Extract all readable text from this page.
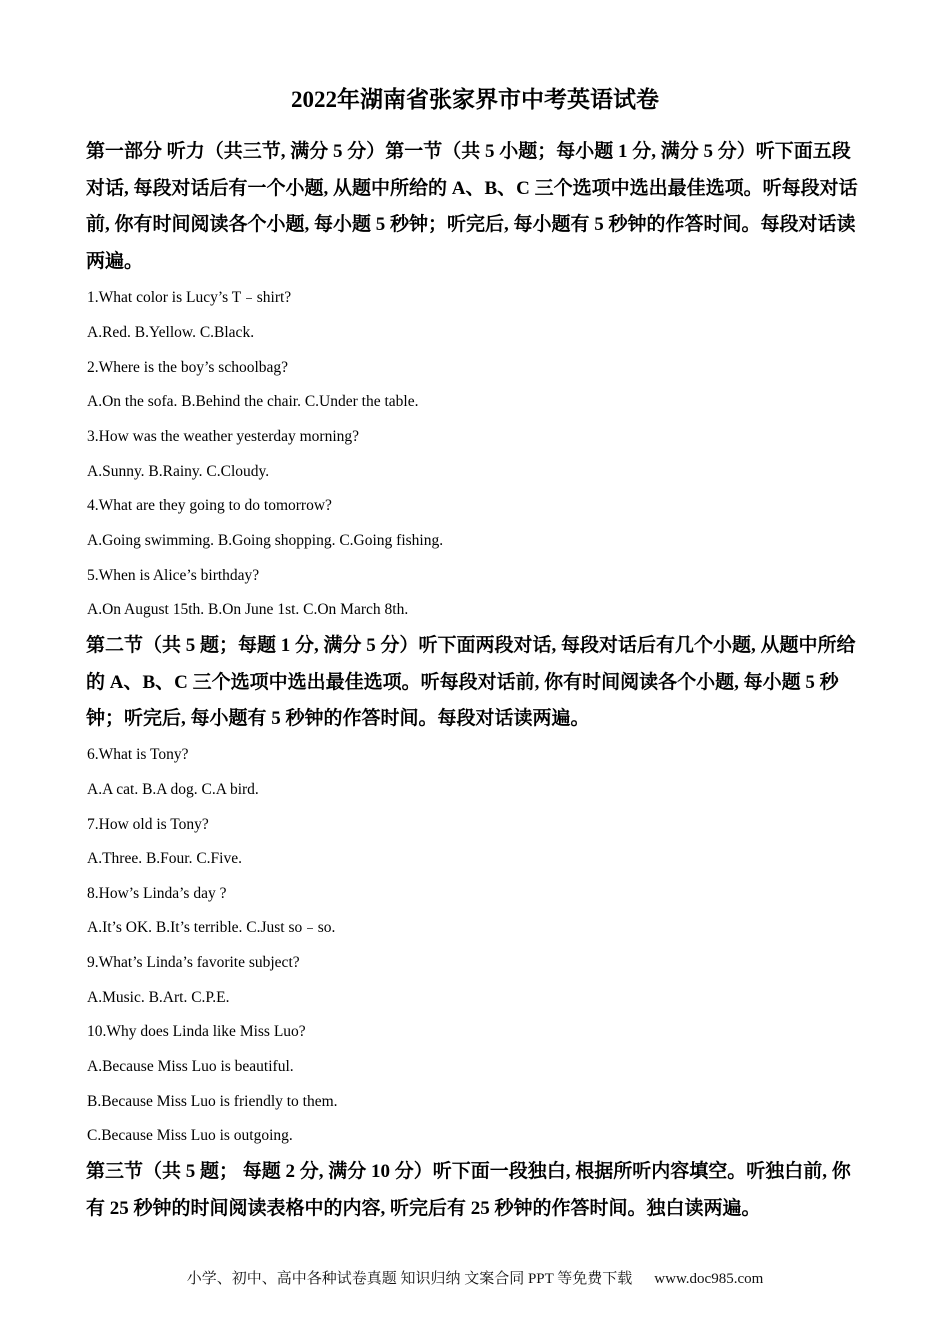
2022年湖南省张家界市中考英语试卷

第一部分 听力（共三节, 满分 5 分）第一节（共 5 小题；每小题 1 分, 满分 5 分）听下面五段对话, 每段对话后有一个小题, 从题中所给的 A、B、C 三个选项中选出最佳选项。听每段对话前, 你有时间阅读各个小题, 每小题 5 秒钟；听完后, 每小题有 5 秒钟的作答时间。每段对话读两遍。

1.What color is Lucy’s T﹣shirt?

A.Red. B.Yellow. C.Black.

2.Where is the boy’s schoolbag?

A.On the sofa. B.Behind the chair. C.Under the table.

3.How was the weather yesterday morning?

A.Sunny. B.Rainy. C.Cloudy.

4.What are they going to do tomorrow?

A.Going swimming. B.Going shopping. C.Going fishing.

5.When is Alice’s birthday?

A.On August 15th. B.On June 1st. C.On March 8th.

第二节（共 5 题；每题 1 分, 满分 5 分）听下面两段对话, 每段对话后有几个小题, 从题中所给的 A、B、C 三个选项中选出最佳选项。听每段对话前, 你有时间阅读各个小题, 每小题 5 秒钟；听完后, 每小题有 5 秒钟的作答时间。每段对话读两遍。

6.What is Tony?

A.A cat. B.A dog. C.A bird.

7.How old is Tony?

A.Three. B.Four. C.Five.

8.How’s Linda’s day ?

A.It’s OK. B.It’s terrible. C.Just so﹣so.

9.What’s Linda’s favorite subject?

A.Music. B.Art. C.P.E.

10.Why does Linda like Miss Luo?

A.Because Miss Luo is beautiful.

B.Because Miss Luo is friendly to them.

C.Because Miss Luo is outgoing.

第三节（共 5 题； 每题 2 分, 满分 10 分）听下面一段独白, 根据所听内容填空。听独白前, 你有 25 秒钟的时间阅读表格中的内容, 听完后有 25 秒钟的作答时间。独白读两遍。

小学、初中、高中各种试卷真题 知识归纳 文案合同 PPT 等免费下载 www.doc985.com
